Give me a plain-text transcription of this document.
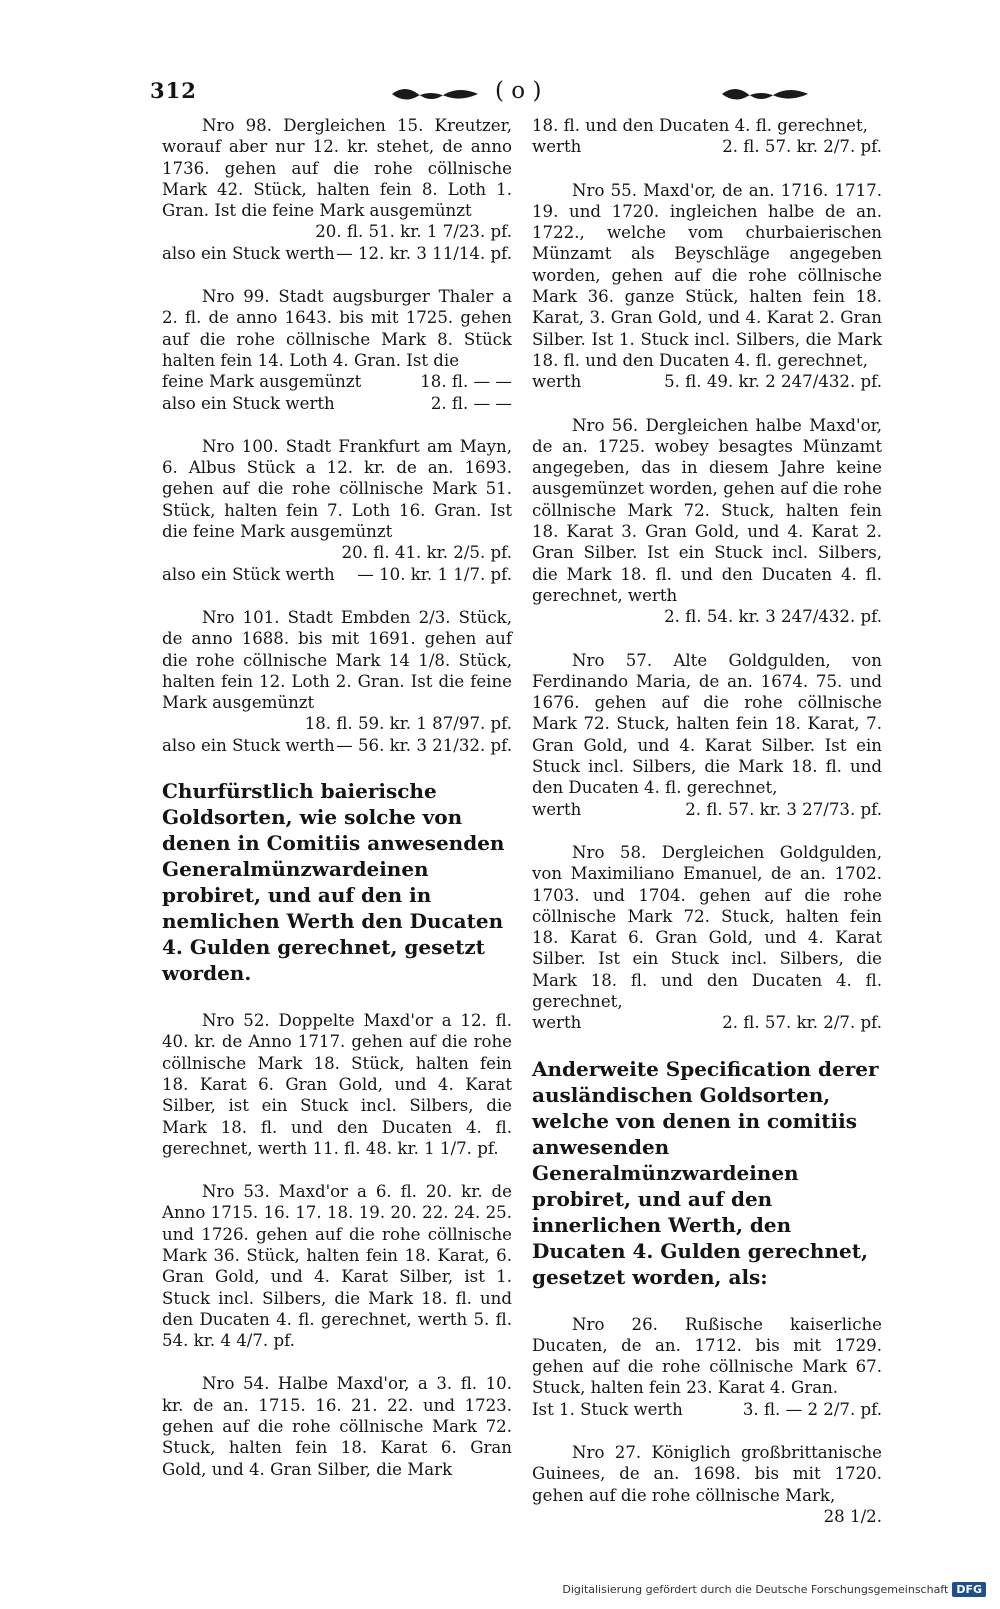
312	( o )

Nro 98. Dergleichen 15. Kreutzer, worauf aber nur 12. kr. stehet, de anno 1736. gehen auf die rohe cöllnische Mark 42. Stück, halten fein 8. Loth 1. Gran. Ist die feine Mark ausgemünzt

20. fl. 51. kr. 1 7/23. pf.

also ein Stuck werth — 12. kr. 3 11/14. pf.

Nro 99. Stadt augsburger Thaler a 2. fl. de anno 1643. bis mit 1725. gehen auf die rohe cöllnische Mark 8. Stück halten fein 14. Loth 4. Gran. Ist die

feine Mark ausgemünzt	18. fl. — —
also ein Stuck werth	2. fl. — —

Nro 100. Stadt Frankfurt am Mayn, 6. Albus Stück a 12. kr. de an. 1693. gehen auf die rohe cöllnische Mark 51. Stück, halten fein 7. Loth 16. Gran. Ist die feine Mark ausgemünzt

20. fl. 41. kr. 2/5. pf.

also ein Stück werth — 10. kr. 1 1/7. pf.

Nro 101. Stadt Embden 2/3. Stück, de anno 1688. bis mit 1691. gehen auf die rohe cöllnische Mark 14 1/8. Stück, halten fein 12. Loth 2. Gran. Ist die feine Mark ausgemünzt

18. fl. 59. kr. 1 87/97. pf.

also ein Stuck werth — 56. kr. 3 21/32. pf.

Churfürstlich baierische Goldsorten, wie solche von denen in Comitiis anwesenden Generalmünzwardeinen probiret, und auf den in nemlichen Werth den Ducaten 4. Gulden gerechnet, gesetzt worden.

Nro 52. Doppelte Maxd'or a 12. fl. 40. kr. de Anno 1717. gehen auf die rohe cöllnische Mark 18. Stück, halten fein 18. Karat 6. Gran Gold, und 4. Karat Silber, ist ein Stuck incl. Silbers, die Mark 18. fl. und den Ducaten 4. fl. gerechnet, werth 11. fl. 48. kr. 1 1/7. pf.

Nro 53. Maxd'or a 6. fl. 20. kr. de Anno 1715. 16. 17. 18. 19. 20. 22. 24. 25. und 1726. gehen auf die rohe cöllnische Mark 36. Stück, halten fein 18. Karat, 6. Gran Gold, und 4. Karat Silber, ist 1. Stuck incl. Silbers, die Mark 18. fl. und den Ducaten 4. fl. gerechnet, werth 5. fl. 54. kr. 4 4/7. pf.

Nro 54. Halbe Maxd'or, a 3. fl. 10. kr. de an. 1715. 16. 21. 22. und 1723. gehen auf die rohe cöllnische Mark 72. Stuck, halten fein 18. Karat 6. Gran Gold, und 4. Gran Silber, die Mark

18. fl. und den Ducaten 4. fl. gerechnet,

werth	2. fl. 57. kr. 2/7. pf.

Nro 55. Maxd'or, de an. 1716. 1717. 19. und 1720. ingleichen halbe de an. 1722., welche vom churbaierischen Münzamt als Beyschläge angegeben worden, gehen auf die rohe cöllnische Mark 36. ganze Stück, halten fein 18. Karat, 3. Gran Gold, und 4. Karat 2. Gran Silber. Ist 1. Stuck incl. Silbers, die Mark 18. fl. und den Ducaten 4. fl. gerechnet,

werth	5. fl. 49. kr. 2 247/432. pf.

Nro 56. Dergleichen halbe Maxd'or, de an. 1725. wobey besagtes Münzamt angegeben, das in diesem Jahre keine ausgemünzet worden, gehen auf die rohe cöllnische Mark 72. Stuck, halten fein 18. Karat 3. Gran Gold, und 4. Karat 2. Gran Silber. Ist ein Stuck incl. Silbers, die Mark 18. fl. und den Ducaten 4. fl. gerechnet, werth

2. fl. 54. kr. 3 247/432. pf.

Nro 57. Alte Goldgulden, von Ferdinando Maria, de an. 1674. 75. und 1676. gehen auf die rohe cöllnische Mark 72. Stuck, halten fein 18. Karat, 7. Gran Gold, und 4. Karat Silber. Ist ein Stuck incl. Silbers, die Mark 18. fl. und den Ducaten 4. fl. gerechnet,

werth	2. fl. 57. kr. 3 27/73. pf.

Nro 58. Dergleichen Goldgulden, von Maximiliano Emanuel, de an. 1702. 1703. und 1704. gehen auf die rohe cöllnische Mark 72. Stuck, halten fein 18. Karat 6. Gran Gold, und 4. Karat Silber. Ist ein Stuck incl. Silbers, die Mark 18. fl. und den Ducaten 4. fl. gerechnet,

werth	2. fl. 57. kr. 2/7. pf.

Anderweite Specification derer ausländischen Goldsorten, welche von denen in comitiis anwesenden Generalmünzwardeinen probiret, und auf den innerlichen Werth, den Ducaten 4. Gulden gerechnet, gesetzet worden, als:

Nro 26. Rußische kaiserliche Ducaten, de an. 1712. bis mit 1729. gehen auf die rohe cöllnische Mark 67. Stuck, halten fein 23. Karat 4. Gran.

Ist 1. Stuck werth	3. fl. — 2 2/7. pf.

Nro 27. Königlich großbrittanische Guinees, de an. 1698. bis mit 1720. gehen auf die rohe cöllnische Mark,

28 1/2.

Digitalisierung gefördert durch die Deutsche Forschungsgemeinschaft DFG
